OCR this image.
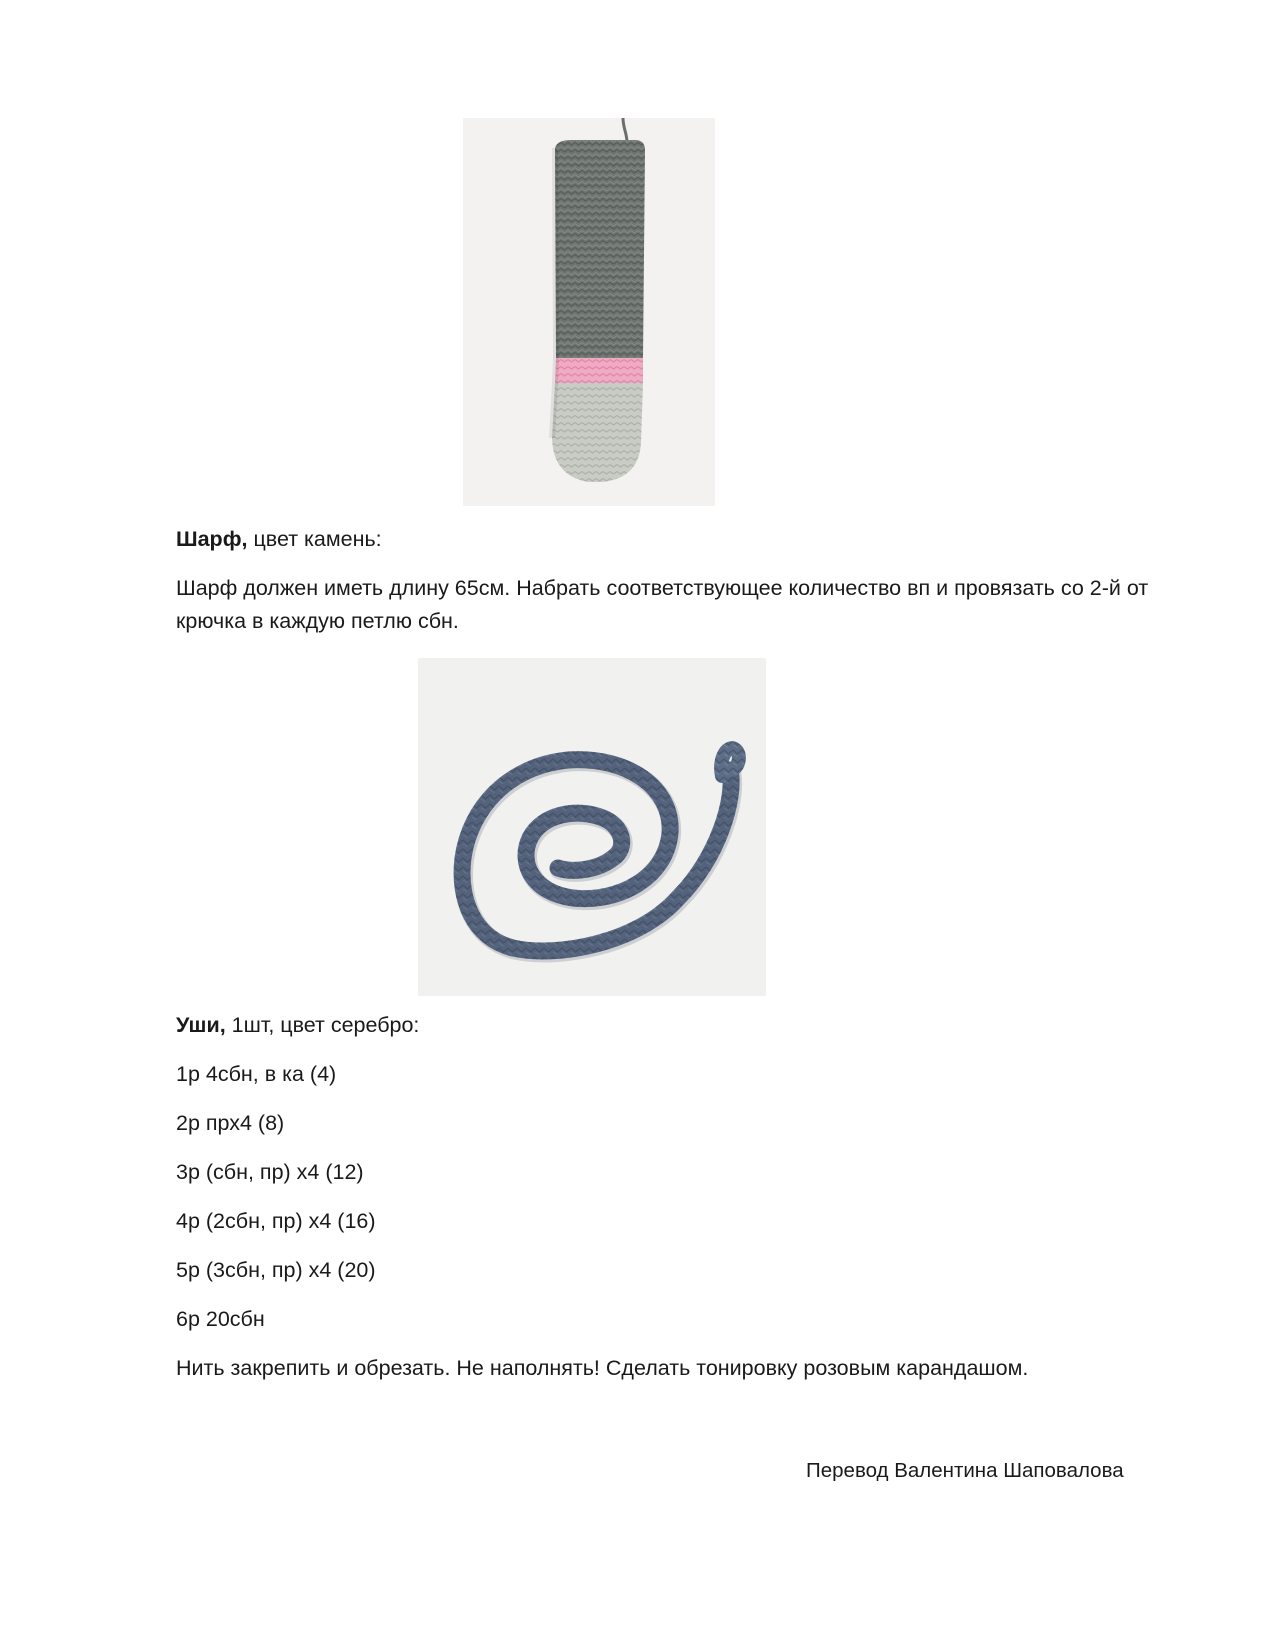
Шарф, цвет камень:
Шарф должен иметь длину 65см. Набрать соответствующее количество вп и провязать со 2-й от крючка в каждую петлю сбн.
Уши, 1шт, цвет серебро:
1р 4сбн, в ка (4)
2р прх4 (8)
3р (сбн, пр) х4 (12)
4р (2сбн, пр) х4 (16)
5р (3сбн, пр) х4 (20)
6р 20сбн
Нить закрепить и обрезать. Не наполнять! Сделать тонировку розовым карандашом.
Перевод Валентина Шаповалова
